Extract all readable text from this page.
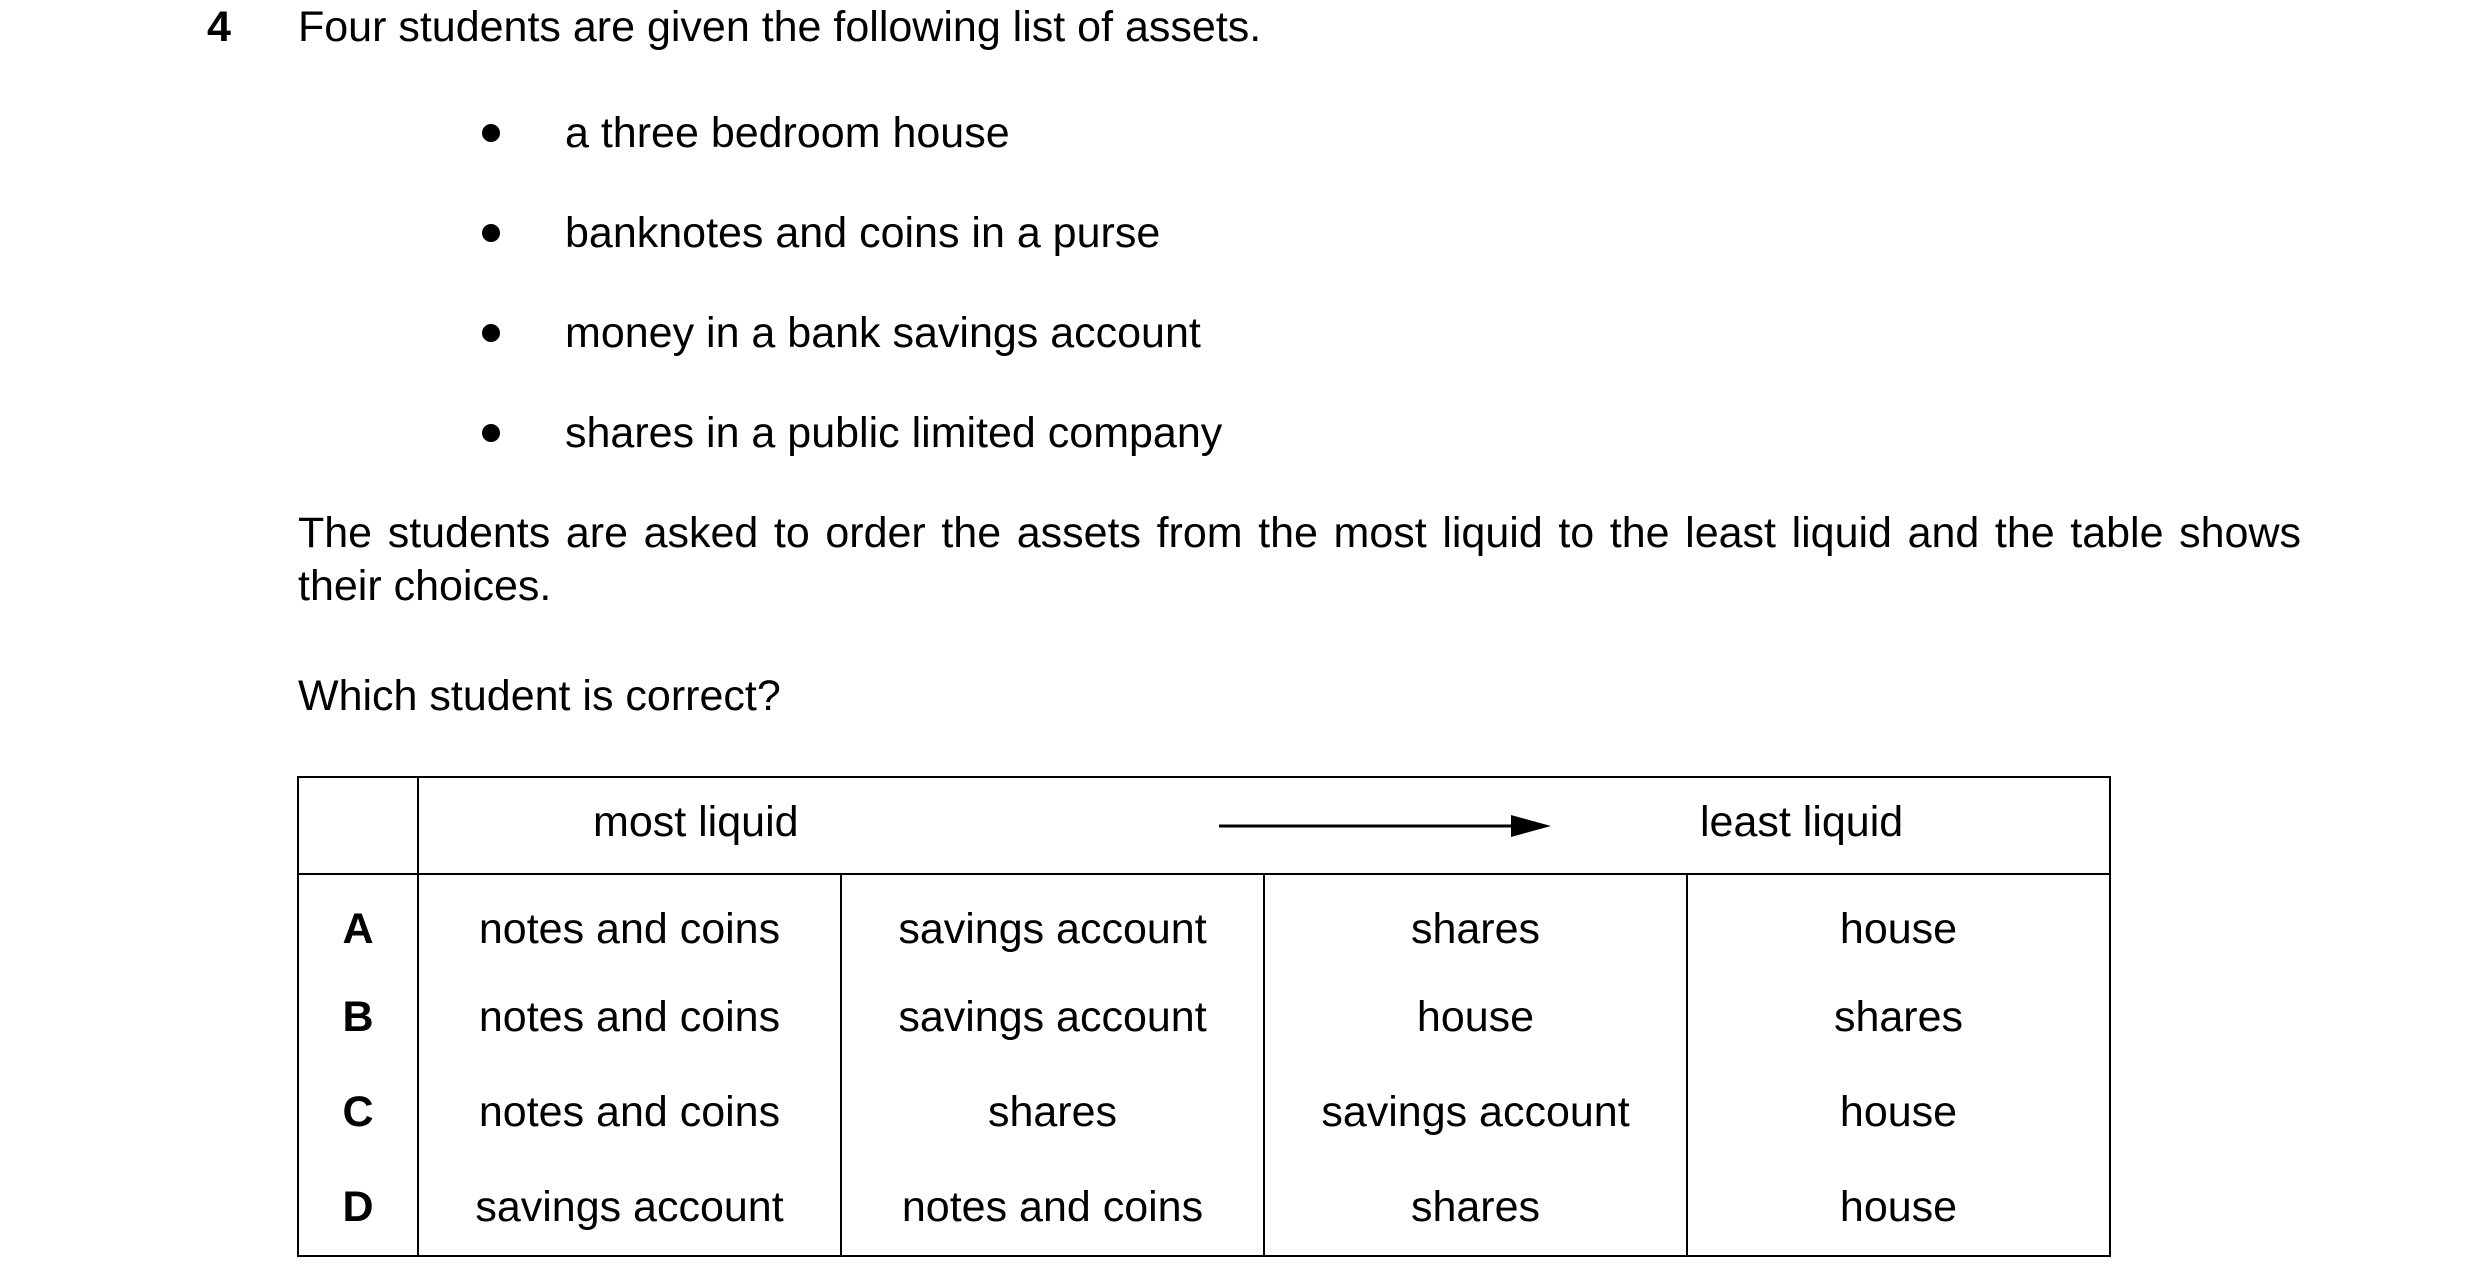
4 Four students are given the following list of assets.
a three bedroom house
banknotes and coins in a purse
money in a bank savings account
shares in a public limited company
The students are asked to order the assets from the most liquid to the least liquid and the table shows their choices.
Which student is correct?

	most liquid least liquid			

A	notes and coins	savings account	shares	house
B	notes and coins	savings account	house	shares
C	notes and coins	shares	savings account	house
D	savings account	notes and coins	shares	house
